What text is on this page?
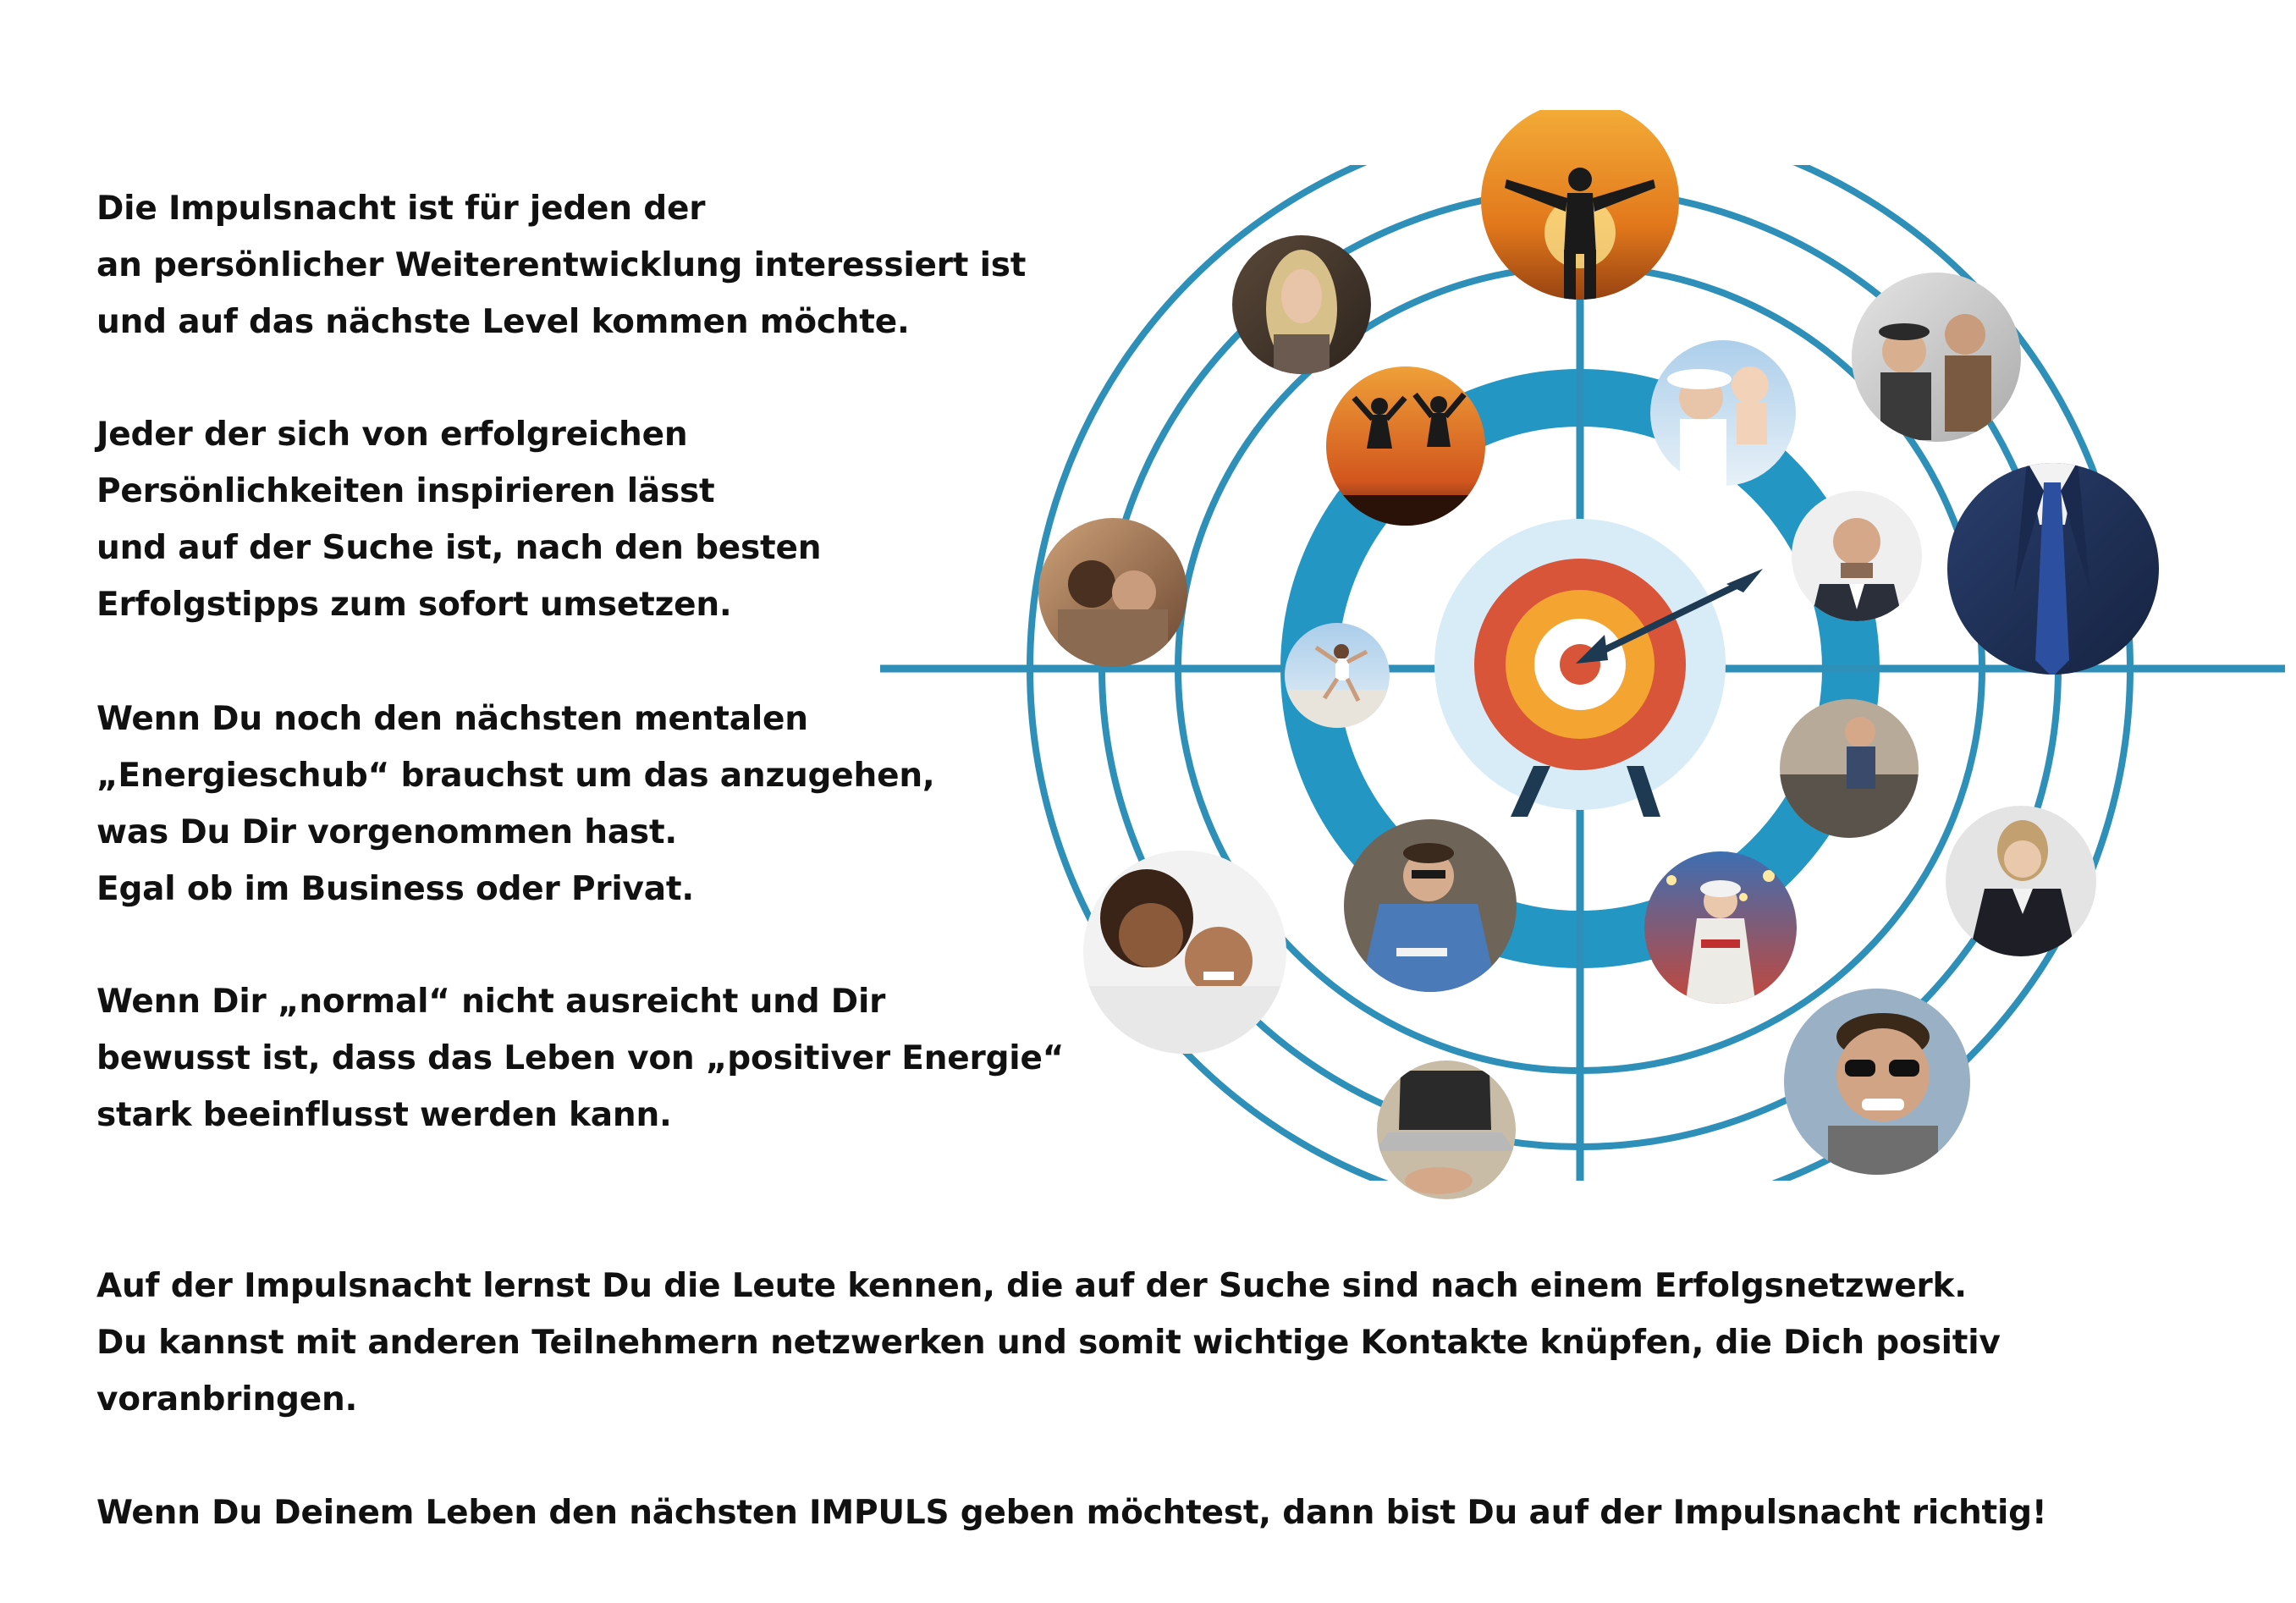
Die Impulsnacht ist für jeden der
an persönlicher Weiterentwicklung interessiert ist
und auf das nächste Level kommen möchte.
Jeder der sich von erfolgreichen
Persönlichkeiten inspirieren lässt
und auf der Suche ist, nach den besten
Erfolgstipps zum sofort umsetzen.
Wenn Du noch den nächsten mentalen
„Energieschub“ brauchst um das anzugehen,
was Du Dir vorgenommen hast.
Egal ob im Business oder Privat.
Wenn Dir „normal“ nicht ausreicht und Dir
bewusst ist, dass das Leben von „positiver Energie“
stark beeinflusst werden kann.
Auf der Impulsnacht lernst Du die Leute kennen, die auf der Suche sind nach einem Erfolgsnetzwerk.
Du kannst mit anderen Teilnehmern netzwerken und somit wichtige Kontakte knüpfen, die Dich positiv
voranbringen.
Wenn Du Deinem Leben den nächsten IMPULS geben möchtest, dann bist Du auf der Impulsnacht richtig!
